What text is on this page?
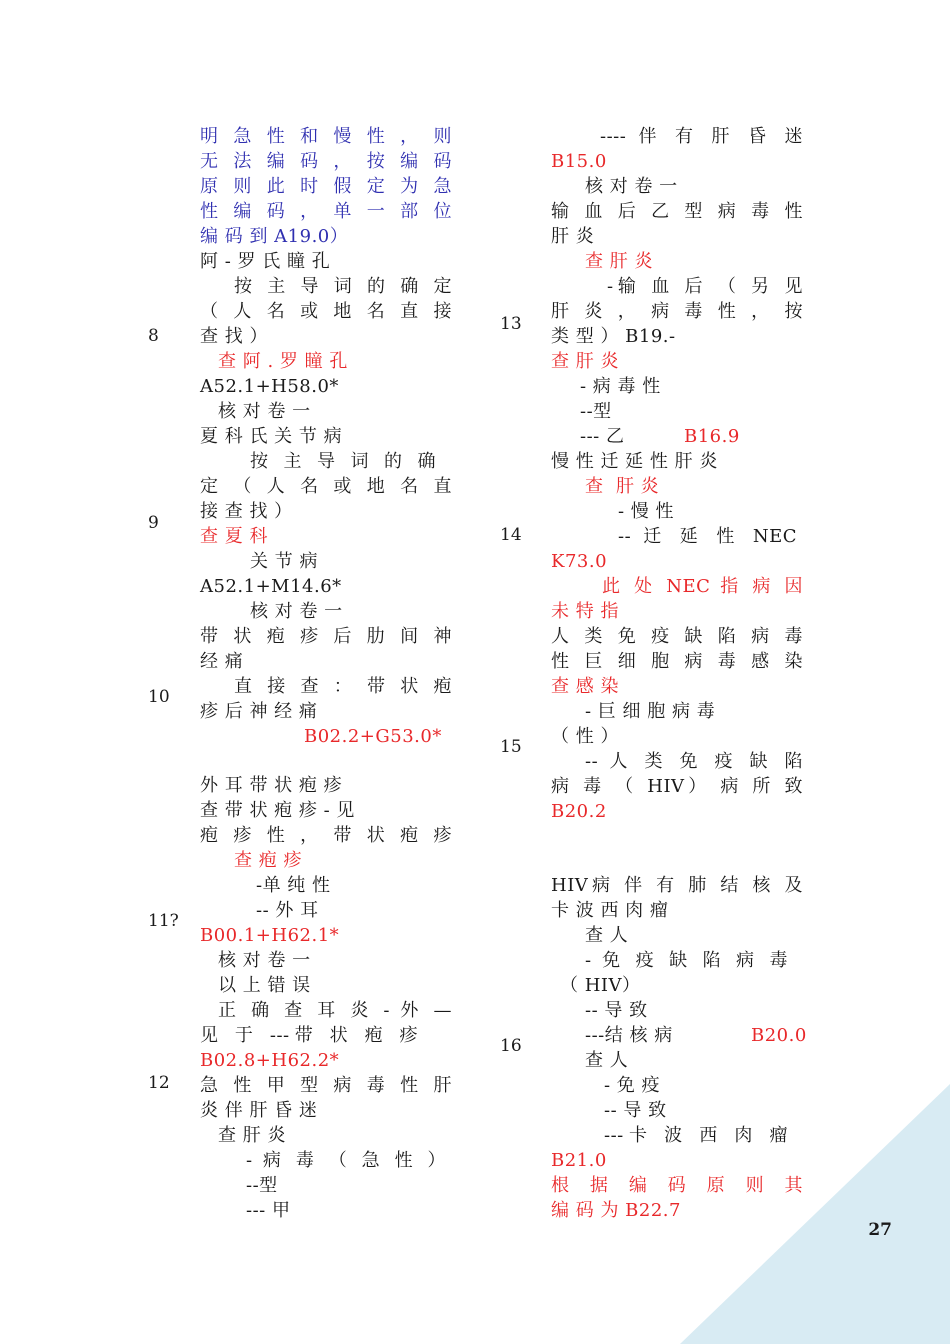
8
9
10
11?
12
13
14
15
16
明 急 性 和 慢 性 ， 则
无 法 编 码 ， 按 编 码
原 则 此 时 假 定 为 急
性 编 码 ， 单 一 部 位
编 码 到 A19.0）
阿 - 罗 氏 瞳 孔
按 主 导 词 的 确 定
（ 人 名 或 地 名 直 接
查 找 ）
查 阿 . 罗 瞳 孔
A52.1+H58.0*
核 对 卷 一
夏 科 氏 关 节 病
按 主 导 词 的 确
定 （ 人 名 或 地 名 直
接 查 找 ）
查 夏 科
关 节 病
A52.1+M14.6*
核 对 卷 一
带 状 疱 疹 后 肋 间 神
经 痛
直 接 查 ： 带 状 疱
疹 后 神 经 痛
B02.2+G53.0*
外 耳 带 状 疱 疹
查 带 状 疱 疹 - 见
疱 疹 性 ， 带 状 疱 疹
查 疱 疹
-单 纯 性
-- 外 耳
B00.1+H62.1*
核 对 卷 一
以 上 错 误
正 确 查 耳 炎 - 外 —
见 于 ---带 状 疱 疹
B02.8+H62.2*
急 性 甲 型 病 毒 性 肝
炎 伴 肝 昏 迷
查 肝 炎
- 病 毒 （ 急 性 ）
--型
--- 甲
---- 伴 有 肝 昏 迷
B15.0
核 对 卷 一
输 血 后 乙 型 病 毒 性
肝 炎
查 肝 炎
-输 血 后 （ 另 见
肝 炎 ， 病 毒 性 ， 按
类 型 ） B19.-
查 肝 炎
- 病 毒 性
--型
--- 乙	B16.9
慢 性 迁 延 性 肝 炎
查  肝 炎
- 慢 性
-- 迁 延 性 NEC
K73.0
此 处 NEC 指 病 因
未 特 指
人 类 免 疫 缺 陷 病 毒
性 巨 细 胞 病 毒 感 染
查 感 染
- 巨 细 胞 病 毒
（ 性 ）
-- 人 类 免 疫 缺 陷
病 毒 （ HIV） 病 所 致
B20.2
HIV病 伴 有 肺 结 核 及
卡 波 西 肉 瘤
查 人
- 免 疫 缺 陷 病 毒
（ HIV）
-- 导 致
---结 核 病	B20.0
查 人
- 免 疫
-- 导 致
---卡 波 西 肉 瘤
B21.0
根 据 编 码 原 则 其
编 码 为 B22.7
27
